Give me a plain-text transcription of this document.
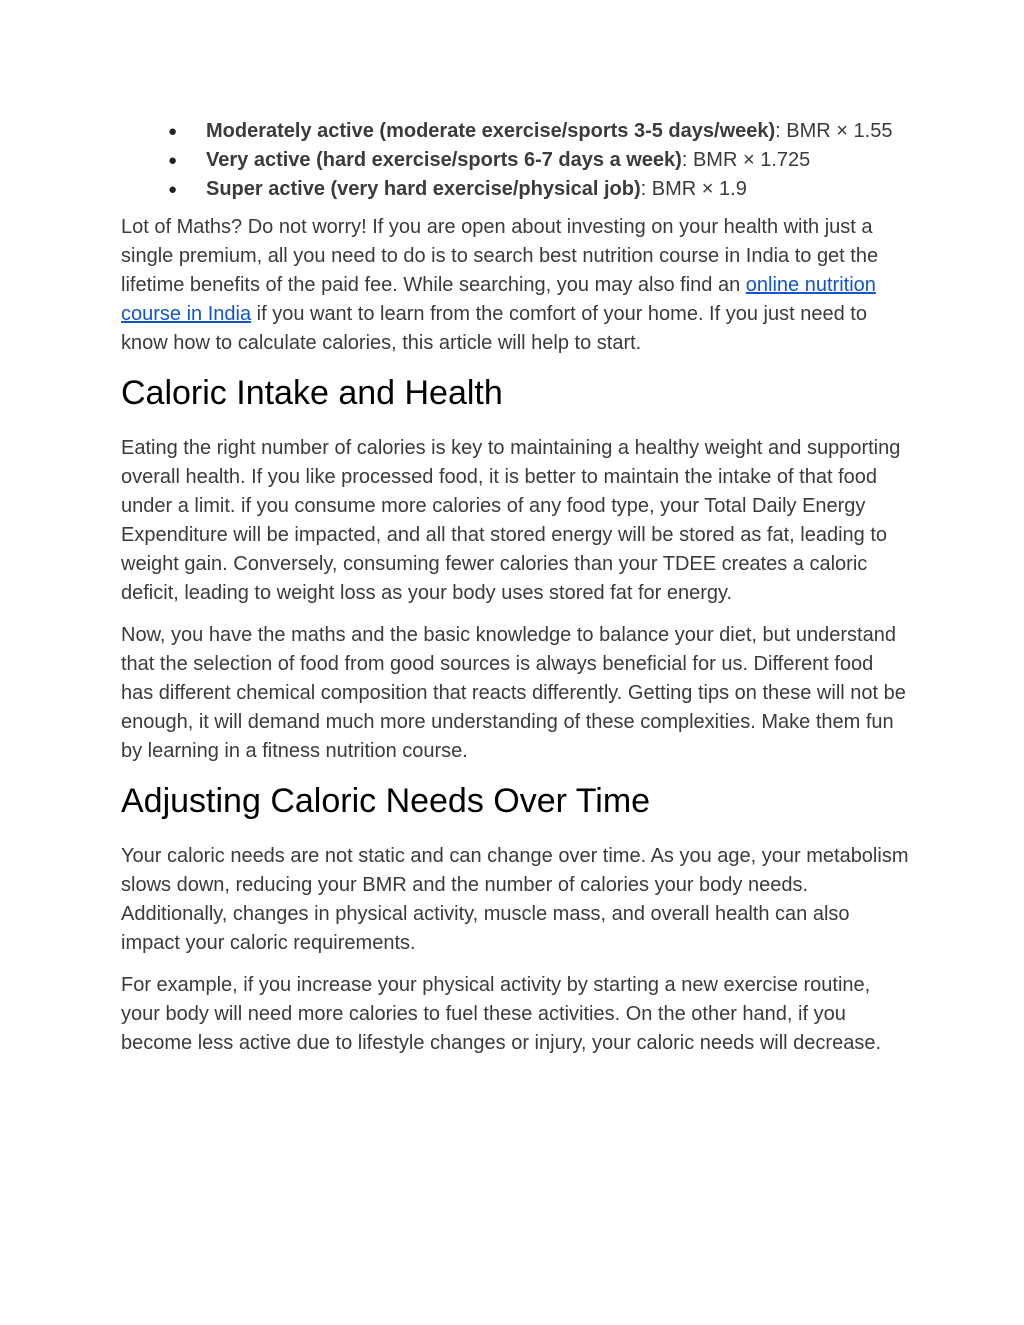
● Moderately active (moderate exercise/sports 3-5 days/week): BMR × 1.55
● Very active (hard exercise/sports 6-7 days a week): BMR × 1.725
● Super active (very hard exercise/physical job): BMR × 1.9

Lot of Maths? Do not worry! If you are open about investing on your health with just a single premium, all you need to do is to search best nutrition course in India to get the lifetime benefits of the paid fee. While searching, you may also find an online nutrition course in India if you want to learn from the comfort of your home. If you just need to know how to calculate calories, this article will help to start.

Caloric Intake and Health

Eating the right number of calories is key to maintaining a healthy weight and supporting overall health. If you like processed food, it is better to maintain the intake of that food under a limit. if you consume more calories of any food type, your Total Daily Energy Expenditure will be impacted, and all that stored energy will be stored as fat, leading to weight gain. Conversely, consuming fewer calories than your TDEE creates a caloric deficit, leading to weight loss as your body uses stored fat for energy.

Now, you have the maths and the basic knowledge to balance your diet, but understand that the selection of food from good sources is always beneficial for us. Different food has different chemical composition that reacts differently. Getting tips on these will not be enough, it will demand much more understanding of these complexities. Make them fun by learning in a fitness nutrition course.

Adjusting Caloric Needs Over Time

Your caloric needs are not static and can change over time. As you age, your metabolism slows down, reducing your BMR and the number of calories your body needs. Additionally, changes in physical activity, muscle mass, and overall health can also impact your caloric requirements.

For example, if you increase your physical activity by starting a new exercise routine, your body will need more calories to fuel these activities. On the other hand, if you become less active due to lifestyle changes or injury, your caloric needs will decrease.
